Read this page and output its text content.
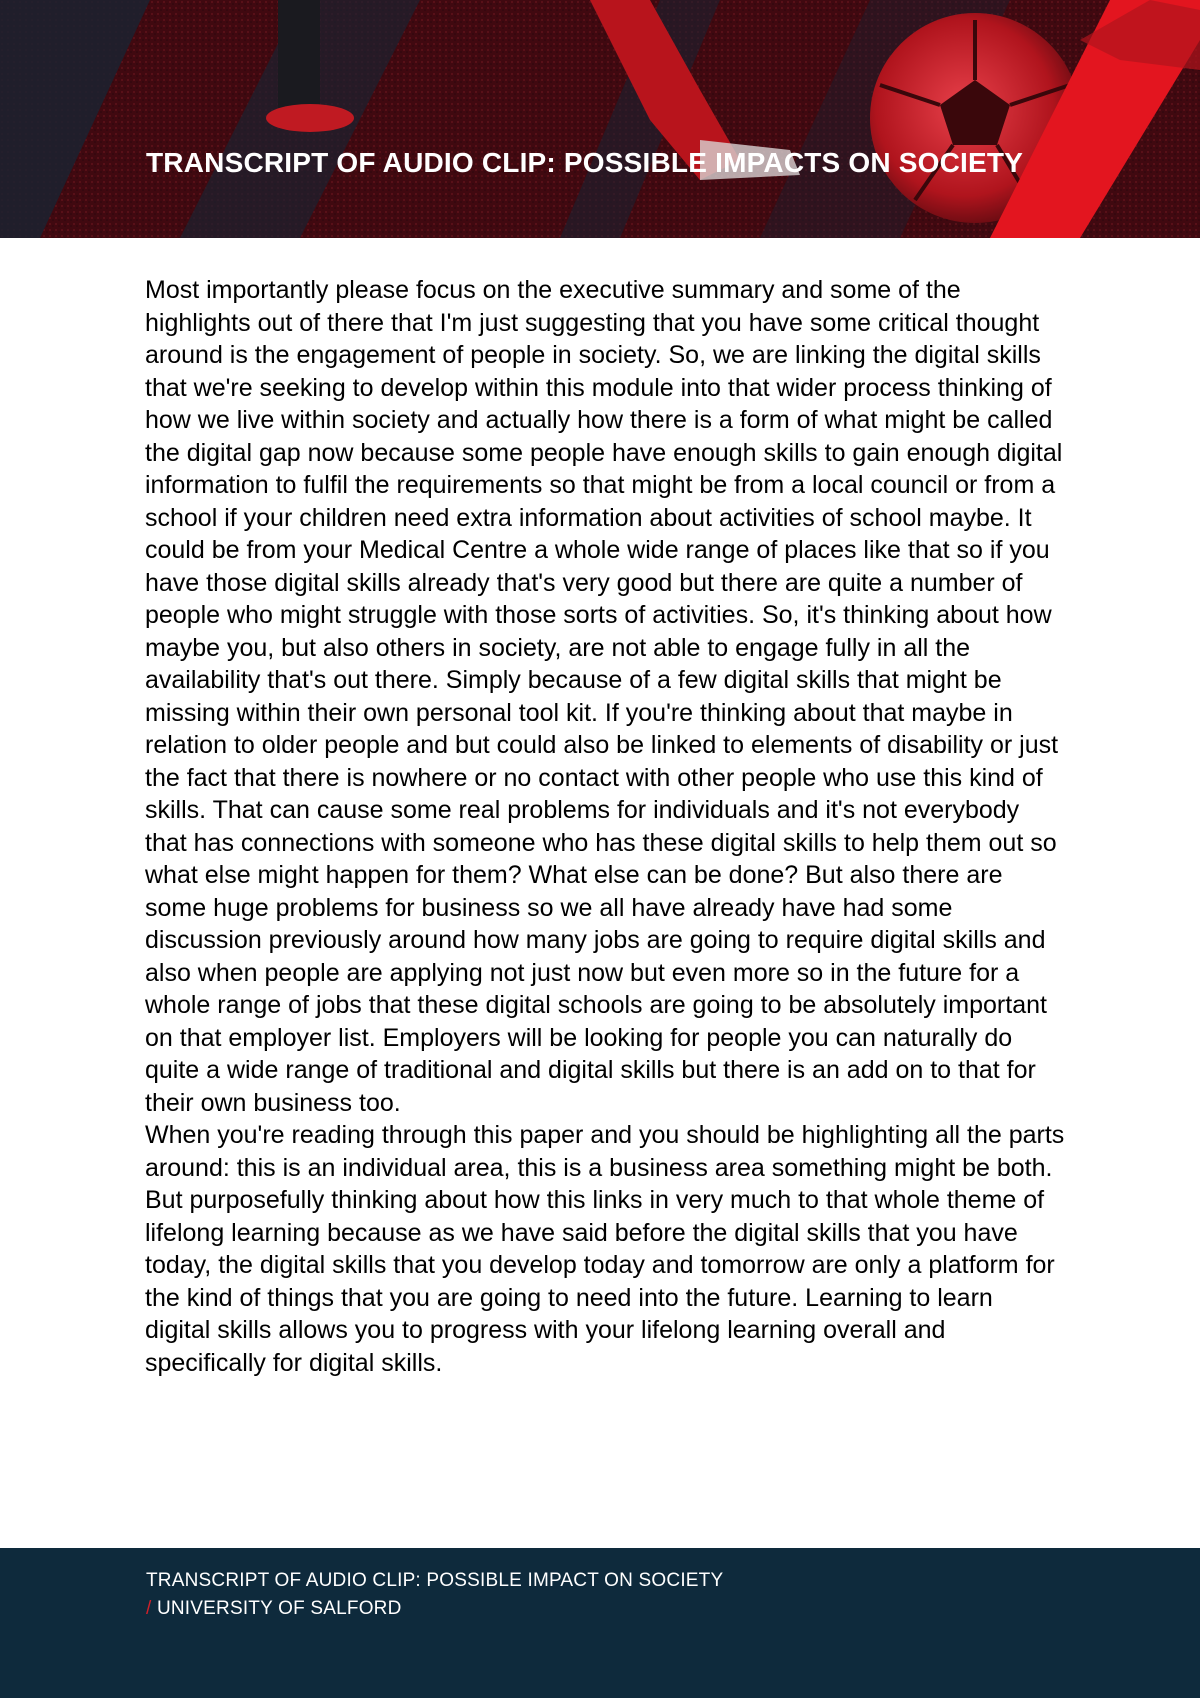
TRANSCRIPT OF AUDIO CLIP: POSSIBLE IMPACTS ON SOCIETY

Most importantly please focus on the executive summary and some of the highlights out of there that I'm just suggesting that you have some critical thought around is the engagement of people in society. So, we are linking the digital skills that we're seeking to develop within this module into that wider process thinking of how we live within society and actually how there is a form of what might be called the digital gap now because some people have enough skills to gain enough digital information to fulfil the requirements so that might be from a local council or from a school if your children need extra information about activities of school maybe. It could be from your Medical Centre a whole wide range of places like that so if you have those digital skills already that's very good but there are quite a number of people who might struggle with those sorts of activities. So, it's thinking about how maybe you, but also others in society, are not able to engage fully in all the availability that's out there. Simply because of a few digital skills that might be missing within their own personal tool kit. If you're thinking about that maybe in relation to older people and but could also be linked to elements of disability or just the fact that there is nowhere or no contact with other people who use this kind of skills. That can cause some real problems for individuals and it's not everybody that has connections with someone who has these digital skills to help them out so what else might happen for them? What else can be done? But also there are some huge problems for business so we all have already have had some discussion previously around how many jobs are going to require digital skills and also when people are applying not just now but even more so in the future for a whole range of jobs that these digital schools are going to be absolutely important on that employer list. Employers will be looking for people you can naturally do quite a wide range of traditional and digital skills but there is an add on to that for their own business too.

When you're reading through this paper and you should be highlighting all the parts around: this is an individual area, this is a business area something might be both. But purposefully thinking about how this links in very much to that whole theme of lifelong learning because as we have said before the digital skills that you have today, the digital skills that you develop today and tomorrow are only a platform for the kind of things that you are going to need into the future. Learning to learn digital skills allows you to progress with your lifelong learning overall and specifically for digital skills.

TRANSCRIPT OF AUDIO CLIP: POSSIBLE IMPACT ON SOCIETY
/ UNIVERSITY OF SALFORD
